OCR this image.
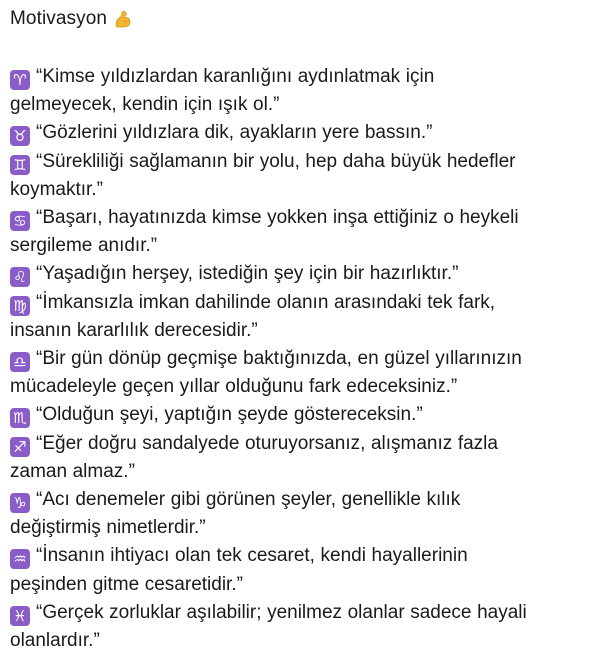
Motivasyon

♈ “Kimse yıldızlardan karanlığını aydınlatmak için
gelmeyecek, kendin için ışık ol.”

♉ “Gözlerini yıldızlara dik, ayakların yere bassın.”

♊ “Sürekliliği sağlamanın bir yolu, hep daha büyük hedefler
koymaktır.”

♋ “Başarı, hayatınızda kimse yokken inşa ettiğiniz o heykeli
sergileme anıdır.”

♌ “Yaşadığın herşey, istediğin şey için bir hazırlıktır.”

♍ “İmkansızla imkan dahilinde olanın arasındaki tek fark,
insanın kararlılık derecesidir.”

♎ “Bir gün dönüp geçmişe baktığınızda, en güzel yıllarınızın
mücadeleyle geçen yıllar olduğunu fark edeceksiniz.”

♏ “Olduğun şeyi, yaptığın şeyde göstereceksin.”

♐ “Eğer doğru sandalyede oturuyorsanız, alışmanız fazla
zaman almaz.”

♑ “Acı denemeler gibi görünen şeyler, genellikle kılık
değiştirmiş nimetlerdir.”

♒ “İnsanın ihtiyacı olan tek cesaret, kendi hayallerinin
peşinden gitme cesaretidir.”

♓ “Gerçek zorluklar aşılabilir; yenilmez olanlar sadece hayali
olanlardır.”
